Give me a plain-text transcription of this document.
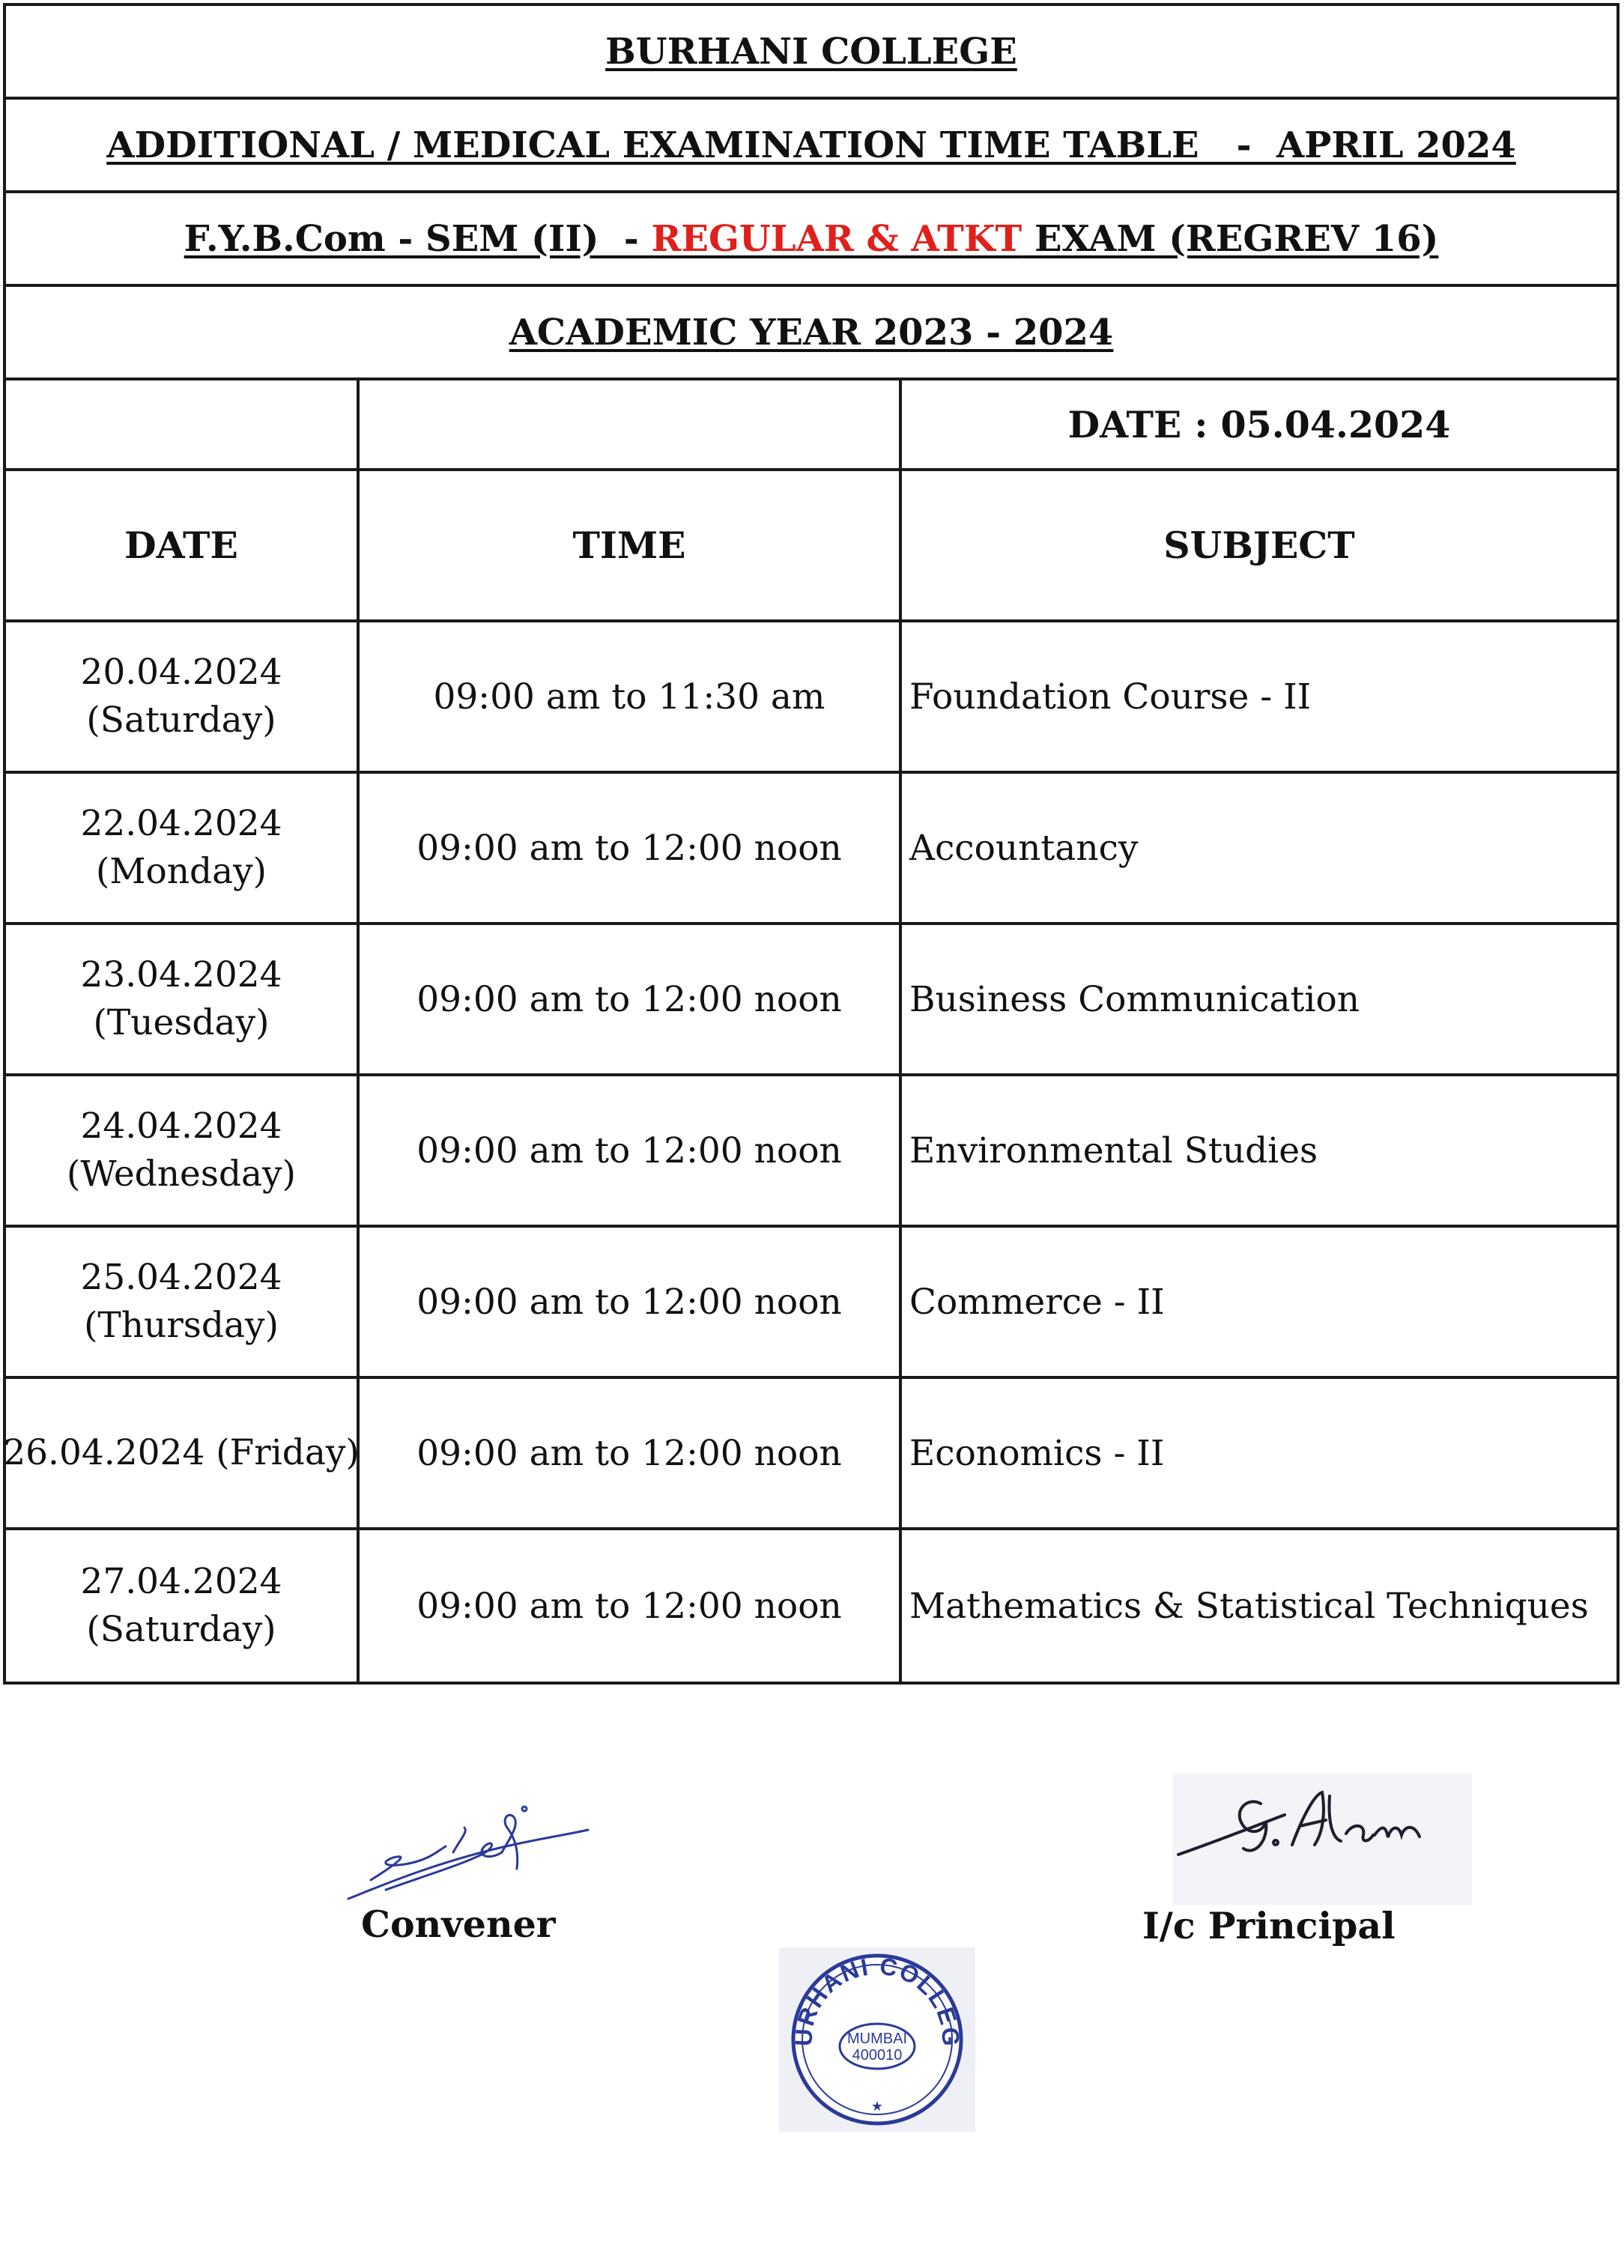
BURHANI COLLEGE
ADDITIONAL / MEDICAL EXAMINATION TIME TABLE   -  APRIL 2024
F.Y.B.Com - SEM (II)  - REGULAR & ATKT EXAM (REGREV 16)
ACADEMIC YEAR 2023 - 2024
DATE : 05.04.2024
DATE	TIME	SUBJECT
20.04.2024
(Saturday)
09:00 am to 11:30 am	Foundation Course - II
22.04.2024
(Monday)
09:00 am to 12:00 noon	Accountancy
23.04.2024
(Tuesday)
09:00 am to 12:00 noon	Business Communication
24.04.2024
(Wednesday)
09:00 am to 12:00 noon	Environmental Studies
25.04.2024
(Thursday)
09:00 am to 12:00 noon	Commerce - II
26.04.2024 (Friday)	09:00 am to 12:00 noon	Economics - II
27.04.2024
(Saturday)
09:00 am to 12:00 noon	Mathematics & Statistical Techniques
Convener	I/c Principal
URHANI COLLEG
MUMBAI
400010
★
